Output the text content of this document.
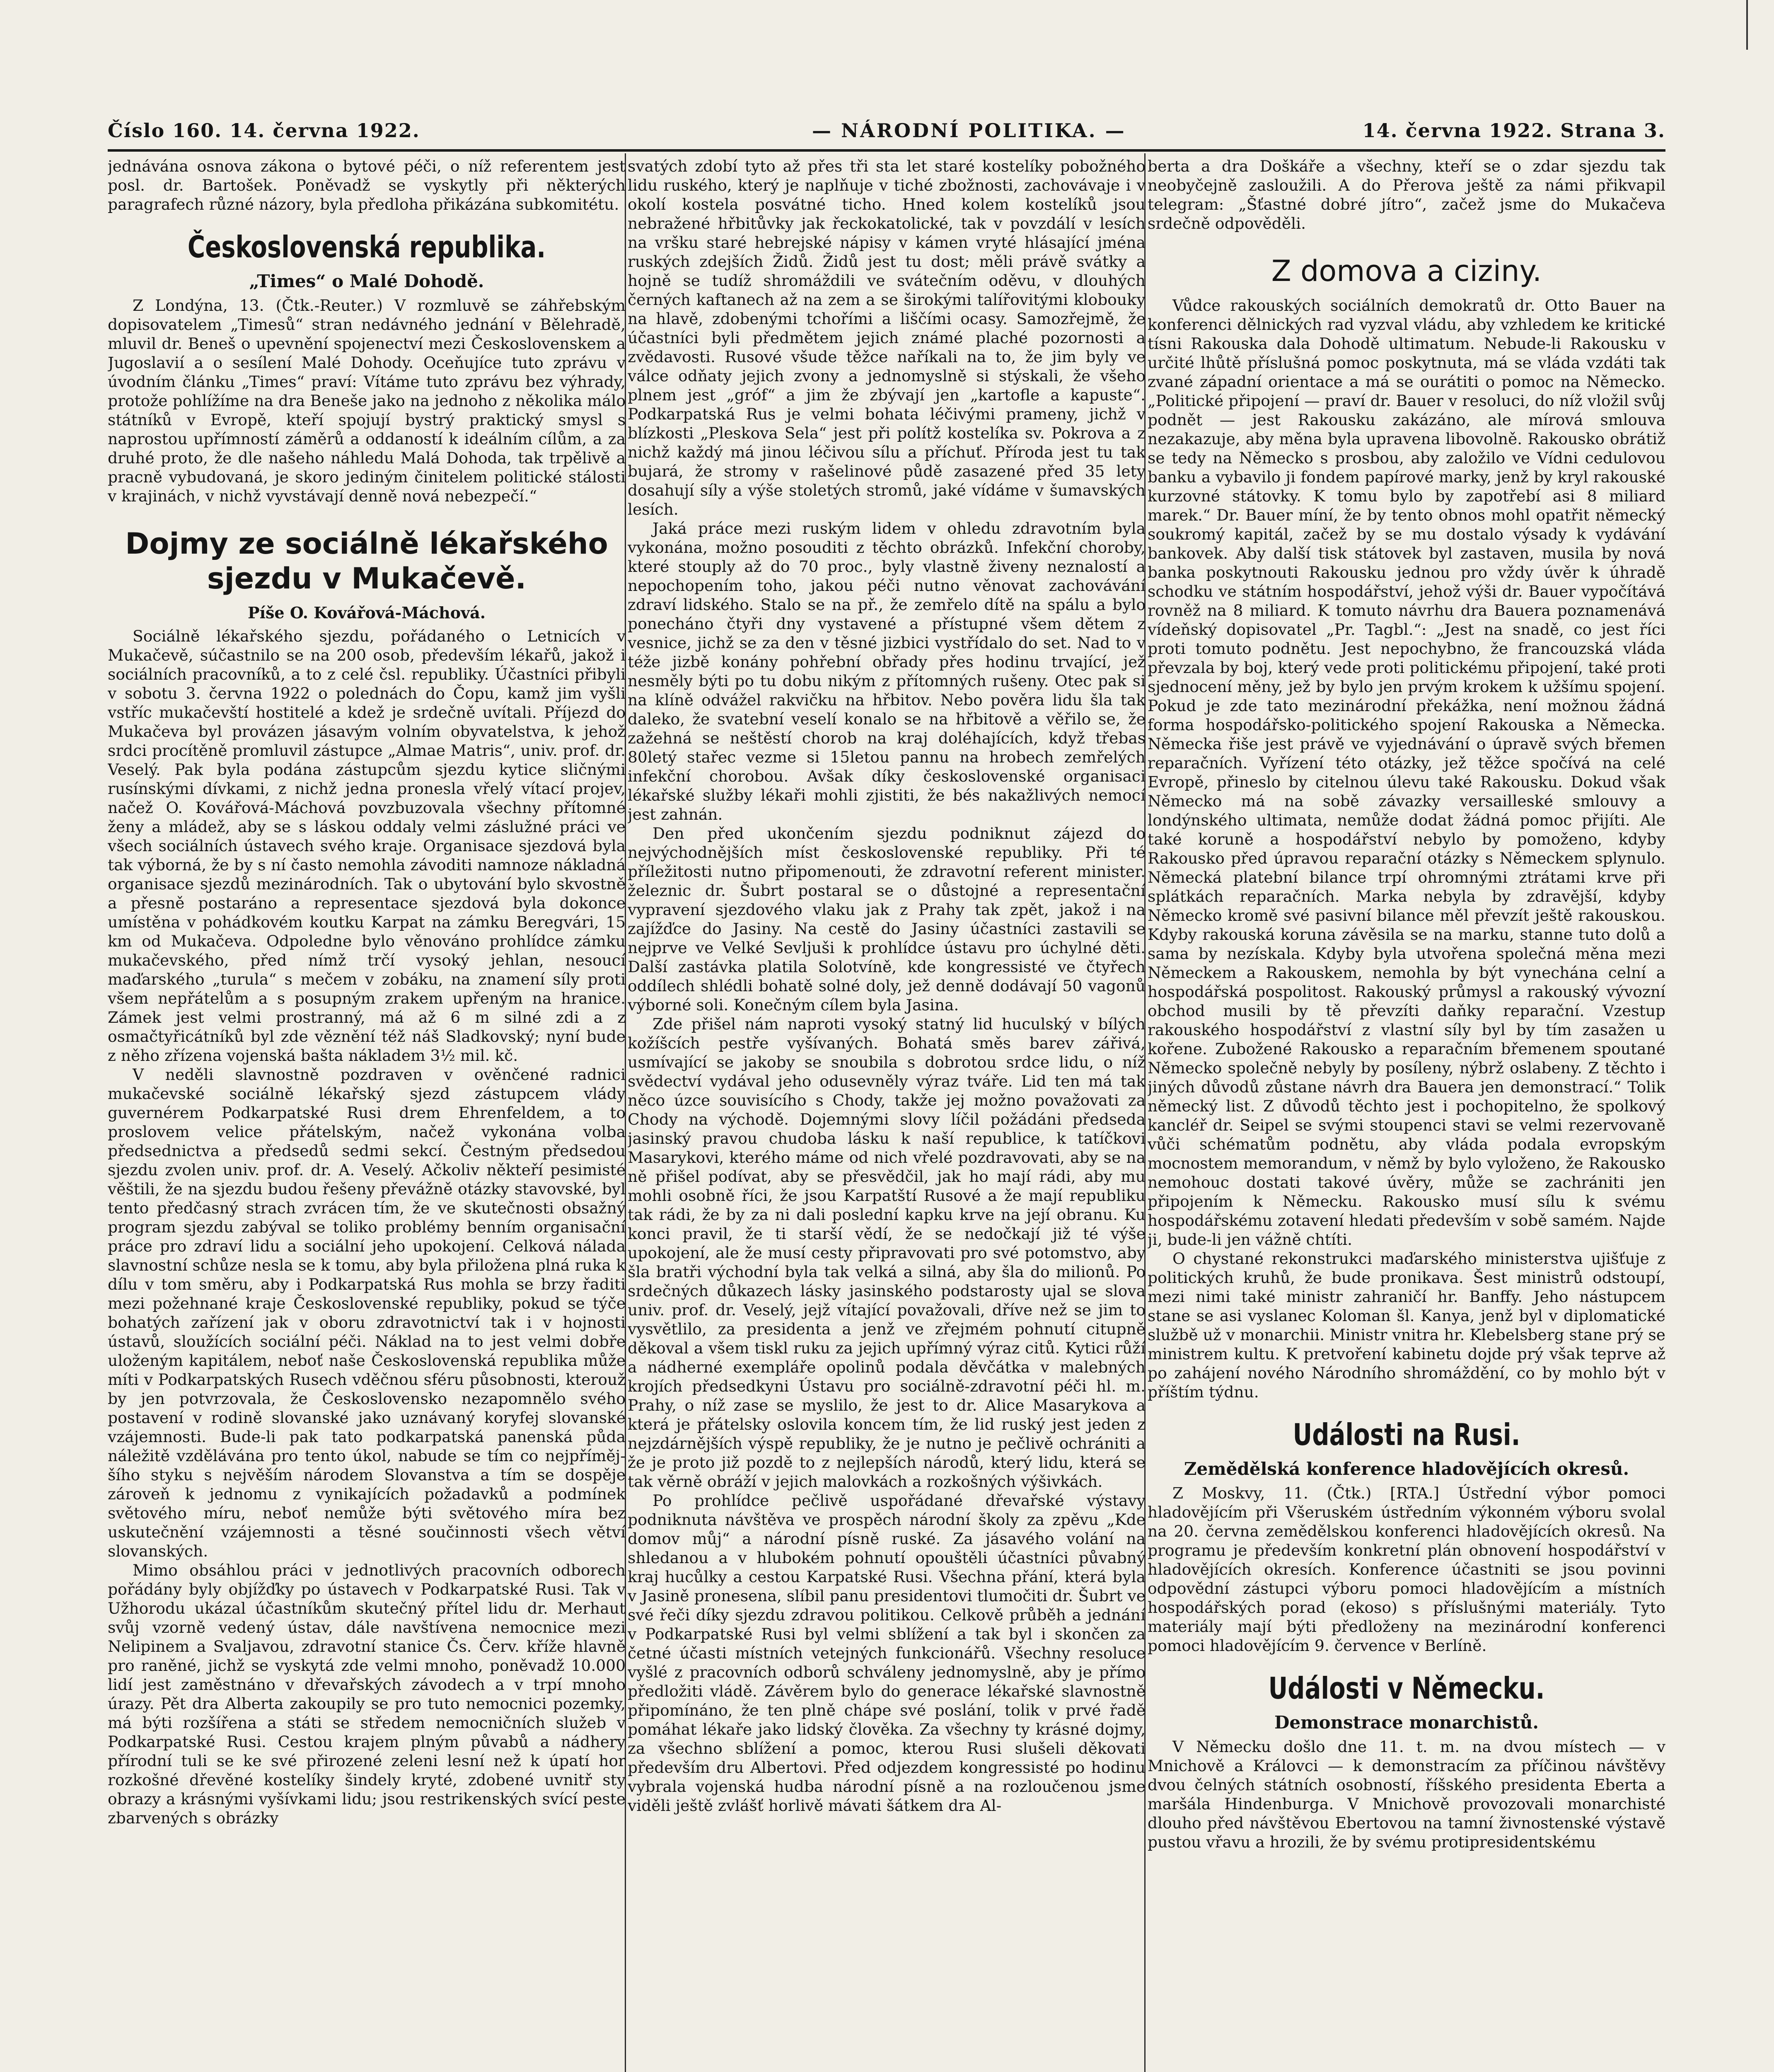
Číslo 160. 14. června 1922.	— NÁRODNÍ POLITIKA. —	14. června 1922. Strana 3.

jednávána osnova zákona o bytové péči, o níž referentem jest posl. dr. Bartošek. Poněvadž se vyskytly při některých paragrafech různé názory, byla předloha přikázána subkomitétu.

Československá republika.
„Times“ o Malé Dohodě.

Z Londýna, 13. (Čtk.-Reuter.) V rozmluvě se záhřebským dopisovatelem „Timesů“ stran nedávného jednání v Bělehradě, mluvil dr. Beneš o upevnění spojenectví mezi Československem a Jugoslavií a o sesílení Malé Dohody. Oceňujíce tuto zprávu v úvodním článku „Times“ praví: Vítáme tuto zprávu bez výhrady, protože pohlížíme na dra Beneše jako na jednoho z několika málo státníků v Evropě, kteří spojují bystrý praktický smysl s naprostou upřímností záměrů a oddaností k ideálním cílům, a za druhé proto, že dle našeho náhledu Malá Dohoda, tak trpělivě a pracně vybudovaná, je skoro jediným činitelem politické stálosti v krajinách, v nichž vyvstávají denně nová nebezpečí.“

Dojmy ze sociálně lékařského sjezdu v Mukačevě.
Píše O. Kovářová-Máchová.

Sociálně lékařského sjezdu, pořádaného o Letnicích v Mukačevě, súčastnilo se na 200 osob, především lékařů, jakož i sociálních pracovníků, a to z celé čsl. republiky. Účastníci přibyli v sobotu 3. června 1922 o polednách do Čopu, kamž jim vyšli vstříc mukačevští hostitelé a kdež je srdečně uvítali. Příjezd do Mukačeva byl provázen jásavým volním obyvatelstva, k jehož srdci procítěně promluvil zástupce „Almae Matris“, univ. prof. dr. Veselý. Pak byla podána zástupcům sjezdu kytice sličnými rusínskými dívkami, z nichž jedna pronesla vřelý vítací projev, načež O. Kovářová-Máchová povzbuzovala všechny přítomné ženy a mládež, aby se s láskou oddaly velmi záslužné práci ve všech sociálních ústavech svého kraje. Organisace sjezdová byla tak výborná, že by s ní často nemohla závoditi namnoze nákladná organisace sjezdů mezinárodních. Tak o ubytování bylo skvostně a přesně postaráno a representace sjezdová byla dokonce umístěna v pohádkovém koutku Karpat na zámku Beregvári, 15 km od Mukačeva. Odpoledne bylo věnováno prohlídce zámku mukačevského, před nímž trčí vysoký jehlan, nesoucí maďarského „turula“ s mečem v zobáku, na znamení síly proti všem nepřátelům a s posupným zrakem upřeným na hranice. Zámek jest velmi prostranný, má až 6 m silné zdi a z osmačtyřicátníků byl zde věznění též náš Sladkovský; nyní bude z něho zřízena vojenská bašta nákladem 3½ mil. kč.

V neděli slavnostně pozdraven v ověnčené radnici mukačevské sociálně lékařský sjezd zástupcem vlády guvernérem Podkarpatské Rusi drem Ehrenfeldem, a to proslovem velice přátelským, načež vykonána volba předsednictva a předsedů sedmi sekcí. Čestným předsedou sjezdu zvolen univ. prof. dr. A. Veselý. Ačkoliv někteří pesimisté věštili, že na sjezdu budou řešeny převážně otázky stavovské, byl tento předčasný strach zvrácen tím, že ve skutečnosti obsažný program sjezdu zabýval se toliko problémy benním organisační práce pro zdraví lidu a sociální jeho upokojení. Celková nálada slavnostní schůze nesla se k tomu, aby byla přiložena plná ruka k dílu v tom směru, aby i Podkarpatská Rus mohla se brzy řaditi mezi požehnané kraje Československé republiky, pokud se týče bohatých zařízení jak v oboru zdravotnictví tak i v hojnosti ústavů, sloužících sociální péči. Náklad na to jest velmi dobře uloženým kapitálem, neboť naše Československá republika může míti v Podkarpatských Rusech vděčnou sféru působnosti, kterouž by jen potvrzovala, že Československo nezapomnělo svého postavení v rodině slovanské jako uznávaný koryfej slovanské vzájemnosti. Bude-li pak tato podkarpatská panenská půda náležitě vzdělávána pro tento úkol, nabude se tím co nejpřímějšího styku s nejvěším národem Slovanstva a tím se dospěje zároveň k jednomu z vynikajících požadavků a podmínek světového míru, neboť nemůže býti světového míra bez uskutečnění vzájemnosti a těsné součinnosti všech větví slovanských.

Mimo obsáhlou práci v jednotlivých pracovních odborech pořádány byly objížďky po ústavech v Podkarpatské Rusi. Tak v Užhorodu ukázal účastníkům skutečný přítel lidu dr. Merhaut svůj vzorně vedený ústav, dále navštívena nemocnice mezi Nelipinem a Svaljavou, zdravotní stanice Čs. Červ. kříže hlavně pro raněné, jichž se vyskytá zde velmi mnoho, poněvadž 10.000 lidí jest zaměstnáno v dřevařských závodech a v trpí mnoho úrazy. Pět dra Alberta zakoupily se pro tuto nemocnici pozemky, má býti rozšířena a státi se středem nemocničních služeb v Podkarpatské Rusi. Cestou krajem plným půvabů a nádhery přírodní tuli se ke své přirozené zeleni lesní než k úpatí hor rozkošné dřevěné kostelíky šindely kryté, zdobené uvnitř sty obrazy a krásnými vyšívkami lidu; jsou restrikenských svící peste zbarvených s obrázky

svatých zdobí tyto až přes tři sta let staré kostelíky pobožného lidu ruského, který je naplňuje v tiché zbožnosti, zachovávaje i v okolí kostela posvátné ticho. Hned kolem kostelíků jsou nebražené hřbitůvky jak řeckokatolické, tak v povzdálí v lesích na vršku staré hebrejské nápisy v kámen vryté hlásající jména ruských zdejších Židů. Židů jest tu dost; měli právě svátky a hojně se tudíž shromáždili ve svátečním oděvu, v dlouhých černých kaftanech až na zem a se širokými talířovitými kloboukу na hlavě, zdobenými tchořími a liščími ocasy. Samozřejmě, že účastníci byli předmětem jejich známé plaché pozornosti a zvědavosti. Rusové všude těžce naříkali na to, že jim byly ve válce odňaty jejich zvony a jednomyslně si stýskali, že všeho plnem jest „gróf“ a jim že zbývají jen „kartofle a kapuste“. Podkarpatská Rus je velmi bohata léčivými prameny, jichž v blízkosti „Pleskova Sela“ jest při polítž kostelíka sv. Pokrova a z nichž každý má jinou léčivou sílu a příchuť. Příroda jest tu tak bujará, že stromy v rašelinové půdě zasazené před 35 lety dosahují síly a výše stoletých stromů, jaké vídáme v šumavských lesích.

Jaká práce mezi ruským lidem v ohledu zdravotním byla vykonána, možno posouditi z těchto obrázků. Infekční choroby, které stouply až do 70 proc., byly vlastně živeny neznalostí a nepochopením toho, jakou péči nutno věnovat zachovávání zdraví lidského. Stalo se na př., že zemřelo dítě na spálu a bylo ponecháno čtyři dny vystavené a přístupné všem dětem z vesnice, jichž se za den v těsné jizbici vystřídalo do set. Nad to v téže jizbě konány pohřební obřady přes hodinu trvající, jež nesměly býti po tu dobu nikým z přítomných rušeny. Otec pak si na klíně odvážel rakvičku na hřbitov. Nebo pověra lidu šla tak daleko, že svatební veselí konalo se na hřbitově a věřilo se, že zažehná se neštěstí chorob na kraj doléhajících, když třebas 80letý stařec vezme si 15letou pannu na hrobech zemřelých infekční chorobou. Avšak díky československé organisaci lékařské služby lékaři mohli zjistiti, že bés nakažlivých nemocí jest zahnán.

Den před ukončením sjezdu podniknut zájezd do nejvýchodnějších míst československé republiky. Při té příležitosti nutno připomenouti, že zdravotní referent minister. železnic dr. Šubrt postaral se o důstojné a representační vypravení sjezdového vlaku jak z Prahy tak zpět, jakož i na zajížďce do Jasiny. Na cestě do Jasiny účastníci zastavili se nejprve ve Velké Sevljuši k prohlídce ústavu pro úchylné děti. Další zastávka platila Solotvíně, kde kongressisté ve čtyřech oddílech shlédli bohatě solné doly, jež denně dodávají 50 vagonů výborné soli. Konečným cílem byla Jasina.

Zde přišel nám naproti vysoký statný lid huculský v bílých kožíšcích pestře vyšívaných. Bohatá směs barev zářivá, usmívající se jakoby se snoubila s dobrotou srdce lidu, o níž svědectví vydával jeho odusevněly výraz tváře. Lid ten má tak něco úzce souvisícího s Chody, takže jej možno považovati za Chody na východě. Dojemnými slovy líčil požádáni předseda jasinský pravou chudoba lásku k naší republice, k tatíčkovi Masarykovi, kterého máme od nich vřelé pozdravovati, aby se na ně přišel podívat, aby se přesvědčil, jak ho mají rádi, aby mu mohli osobně říci, že jsou Karpatští Rusové a že mají republiku tak rádi, že by za ni dali poslední kapku krve na její obranu. Ku konci pravil, že ti starší vědí, že se nedočkají již té výše upokojení, ale že musí cesty připravovati pro své potomstvo, aby šla bratři východní byla tak velká a silná, aby šla do milionů. Po srdečných důkazech lásky jasinského podstarosty ujal se slova univ. prof. dr. Veselý, jejž vítající považovali, dříve než se jim to vysvětlilo, za presidenta a jenž ve zřejmém pohnutí citupně děkoval a všem tiskl ruku za jejich upřímný výraz citů. Kytici růží a nádherné exempláře opolinů podala děvčátka v malebných krojích předsedkyni Ústavu pro sociálně-zdravotní péči hl. m. Prahy, o níž zase se myslilo, že jest to dr. Alice Masarykova a která je přátelsky oslovila koncem tím, že lid ruský jest jeden z nejzdárnějších výspě republiky, že je nutno je pečlivě ochrániti a že je proto již pozdě to z nejlepších národů, který lidu, která se tak věrně obráží v jejich malovkách a rozkošných výšivkách.

Po prohlídce pečlivě uspořádané dřevařské výstavy podniknuta návštěva ve prospěch národní školy za zpěvu „Kde domov můj“ a národní písně ruské. Za jásavého volání na shledanou a v hlubokém pohnutí opouštěli účastníci půvabný kraj hucůlky a cestou Karpatské Rusi. Všechna přání, která byla v Jasině pronesena, slíbil panu presidentovi tlumočiti dr. Šubrt ve své řeči díky sjezdu zdravou politikou. Celkově průběh a jednání v Podkarpatské Rusi byl velmi sblížení a tak byl i skončen za četné účasti místních vetejných funkcionářů. Všechny resoluce vyšlé z pracovních odborů schváleny jednomyslně, aby je přímo předložiti vládě. Závěrem bylo do generace lékařské slavnostně připomínáno, že ten plně chápe své poslání, tolik v prvé řadě pomáhat lékaře jako lidský člověka. Za všechny ty krásné dojmy, za všechno sblížení a pomoc, kterou Rusi slušeli děkovati především dru Albertovi. Před odjezdem kongressisté po hodinu vybrala vojenská hudba národní písně a na rozloučenou jsme viděli ještě zvlášť horlivě mávati šátkem dra Al-

berta a dra Doškáře a všechny, kteří se o zdar sjezdu tak neobyčejně zasloužili. A do Přerova ještě za námi přikvapil telegram: „Šťastné dobré jítro“, začež jsme do Mukačeva srdečně odpověděli.

Z domova a ciziny.

Vůdce rakouských sociálních demokratů dr. Otto Bauer na konferenci dělnických rad vyzval vládu, aby vzhledem ke kritické tísni Rakouska dala Dohodě ultimatum. Nebude-li Rakousku v určité lhůtě příslušná pomoc poskytnuta, má se vláda vzdáti tak zvané západní orientace a má se ourátiti o pomoc na Německo. „Politické připojení — praví dr. Bauer v resoluci, do níž vložil svůj podnět — jest Rakousku zakázáno, ale mírová smlouva nezakazuje, aby měna byla upravena libovolně. Rakousko obrátiž se tedy na Německo s prosbou, aby založilo ve Vídni cedulovou banku a vybavilo ji fondem papírové marky, jenž by kryl rakouské kurzovné státovky. K tomu bylo by zapotřebí asi 8 miliard marek.“ Dr. Bauer míní, že by tento obnos mohl opatřit německý soukromý kapitál, začež by se mu dostalo výsady k vydávání bankovek. Aby další tisk státovek byl zastaven, musila by nová banka poskytnouti Rakousku jednou pro vždy úvěr k úhradě schodku ve státním hospodářství, jehož výši dr. Bauer vypočítává rovněž na 8 miliard. K tomuto návrhu dra Bauera poznamenává vídeňský dopisovatel „Pr. Tagbl.“: „Jest na snadě, co jest říci proti tomuto podnětu. Jest nepochybno, že francouzská vláda převzala by boj, který vede proti politickému připojení, také proti sjednocení měny, jež by bylo jen prvým krokem k užšímu spojení. Pokud je zde tato mezinárodní překážka, není možnou žádná forma hospodářsko-politického spojení Rakouska a Německa. Německa řiše jest právě ve vyjednávání o úpravě svých břemen reparačních. Vyřízení této otázky, jež těžce spočívá na celé Evropě, přineslo by citelnou úlevu také Rakousku. Dokud však Německo má na sobě závazky versailleské smlouvy a londýnského ultimata, nemůže dodat žádná pomoc přijíti. Ale také koruně a hospodářství nebylo by pomoženo, kdyby Rakousko před úpravou reparační otázky s Německem splynulo. Německá platební bilance trpí ohromnými ztrátami krve při splátkách reparačních. Marka nebyla by zdravější, kdyby Německo kromě své pasivní bilance měl převzít ještě rakouskou. Kdyby rakouská koruna závěsila se na marku, stanne tuto dolů a sama by nezískala. Kdyby byla utvořena společná měna mezi Německem a Rakouskem, nemohla by být vynechána celní a hospodářská pospolitost. Rakouský průmysl a rakouský vývozní obchod musili by tě převzíti daňky reparační. Vzestup rakouského hospodářství z vlastní síly byl by tím zasažen u kořene. Zubožené Rakousko a reparačním břemenem spoutané Německo společně nebyly by posíleny, nýbrž oslabeny. Z těchto i jiných důvodů zůstane návrh dra Bauera jen demonstrací.“ Tolik německý list. Z důvodů těchto jest i pochopitelno, že spolkový kancléř dr. Seipel se svými stoupenci stavi se velmi rezervovaně vůči schématům podnětu, aby vláda podala evropským mocnostem memorandum, v němž by bylo vyloženo, že Rakousko nemohouc dostati takové úvěry, může se zachrániti jen připojením k Německu. Rakousko musí sílu k svému hospodářskému zotavení hledati především v sobě samém. Najde ji, bude-li jen vážně chtíti.

O chystané rekonstrukci maďarského ministerstva ujišťuje z politických kruhů, že bude pronikava. Šest ministrů odstoupí, mezi nimi také ministr zahraničí hr. Banffy. Jeho nástupcem stane se asi vyslanec Koloman šl. Kanya, jenž byl v diplomatické službě už v monarchii. Ministr vnitra hr. Klebelsberg stane prý se ministrem kultu. K pretvoření kabinetu dojde prý však teprve až po zahájení nového Národního shromáždění, co by mohlo být v příštím týdnu.

Události na Rusi.
Zemědělská konference hladovějících okresů.

Z Moskvy, 11. (Čtk.) [RTA.] Ústřední výbor pomoci hladovějícím při Všeruském ústředním výkonném výboru svolal na 20. června zemědělskou konferenci hladovějících okresů. Na programu je především konkretní plán obnovení hospodářství v hladovějících okresích. Konference účastniti se jsou povinni odpovědní zástupci výboru pomoci hladovějícím a místních hospodářských porad (ekoso) s příslušnými materiály. Tyto materiály mají býti předloženy na mezinárodní konferenci pomoci hladovějícím 9. července v Berlíně.

Události v Německu.
Demonstrace monarchistů.

V Německu došlo dne 11. t. m. na dvou místech — v Mnichově a Královci — k demonstracím za příčinou návštěvy dvou čelných státních osobností, říšského presidenta Eberta a maršála Hindenburga. V Mnichově provozovali monarchisté dlouho před návštěvou Ebertovou na tamní živnostenské výstavě pustou vřavu a hrozili, že by svému protipresidentskému
